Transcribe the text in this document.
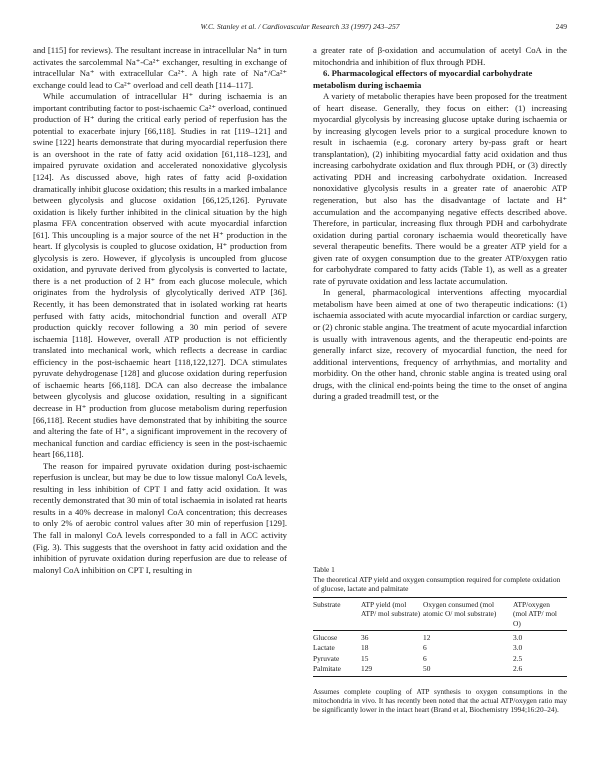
W.C. Stanley et al. / Cardiovascular Research 33 (1997) 243–257	249

and [115] for reviews). The resultant increase in intracellular Na⁺ in turn activates the sarcolemmal Na⁺-Ca²⁺ exchanger, resulting in exchange of intracellular Na⁺ with extracellular Ca²⁺. A high rate of Na⁺/Ca²⁺ exchange could lead to Ca²⁺ overload and cell death [114–117].

While accumulation of intracellular H⁺ during ischaemia is an important contributing factor to post-ischaemic Ca²⁺ overload, continued production of H⁺ during the critical early period of reperfusion has the potential to exacerbate injury [66,118]. Studies in rat [119–121] and swine [122] hearts demonstrate that during myocardial reperfusion there is an overshoot in the rate of fatty acid oxidation [61,118–123], and impaired pyruvate oxidation and accelerated nonoxidative glycolysis [124]. As discussed above, high rates of fatty acid β-oxidation dramatically inhibit glucose oxidation; this results in a marked imbalance between glycolysis and glucose oxidation [66,125,126]. Pyruvate oxidation is likely further inhibited in the clinical situation by the high plasma FFA concentration observed with acute myocardial infarction [61]. This uncoupling is a major source of the net H⁺ production in the heart. If glycolysis is coupled to glucose oxidation, H⁺ production from glycolysis is zero. However, if glycolysis is uncoupled from glucose oxidation, and pyruvate derived from glycolysis is converted to lactate, there is a net production of 2 H⁺ from each glucose molecule, which originates from the hydrolysis of glycolytically derived ATP [36]. Recently, it has been demonstrated that in isolated working rat hearts perfused with fatty acids, mitochondrial function and overall ATP production quickly recover following a 30 min period of severe ischaemia [118]. However, overall ATP production is not efficiently translated into mechanical work, which reflects a decrease in cardiac efficiency in the post-ischaemic heart [118,122,127]. DCA stimulates pyruvate dehydrogenase [128] and glucose oxidation during reperfusion of ischaemic hearts [66,118]. DCA can also decrease the imbalance between glycolysis and glucose oxidation, resulting in a significant decrease in H⁺ production from glucose metabolism during reperfusion [66,118]. Recent studies have demonstrated that by inhibiting the source and altering the fate of H⁺, a significant improvement in the recovery of mechanical function and cardiac efficiency is seen in the post-ischaemic heart [66,118].

The reason for impaired pyruvate oxidation during post-ischaemic reperfusion is unclear, but may be due to low tissue malonyl CoA levels, resulting in less inhibition of CPT I and fatty acid oxidation. It was recently demonstrated that 30 min of total ischaemia in isolated rat hearts results in a 40% decrease in malonyl CoA concentration; this decreases to only 2% of aerobic control values after 30 min of reperfusion [129]. The fall in malonyl CoA levels corresponded to a fall in ACC activity (Fig. 3). This suggests that the overshoot in fatty acid oxidation and the inhibition of pyruvate oxidation during reperfusion are due to release of malonyl CoA inhibition on CPT I, resulting in

a greater rate of β-oxidation and accumulation of acetyl CoA in the mitochondria and inhibition of flux through PDH.

6. Pharmacological effectors of myocardial carbohydrate metabolism during ischaemia

A variety of metabolic therapies have been proposed for the treatment of heart disease. Generally, they focus on either: (1) increasing myocardial glycolysis by increasing glucose uptake during ischaemia or by increasing glycogen levels prior to a surgical procedure known to result in ischaemia (e.g. coronary artery by-pass graft or heart transplantation), (2) inhibiting myocardial fatty acid oxidation and thus increasing carbohydrate oxidation and flux through PDH, or (3) directly activating PDH and increasing carbohydrate oxidation. Increased nonoxidative glycolysis results in a greater rate of anaerobic ATP regeneration, but also has the disadvantage of lactate and H⁺ accumulation and the accompanying negative effects described above. Therefore, in particular, increasing flux through PDH and carbohydrate oxidation during partial coronary ischaemia would theoretically have several therapeutic benefits. There would be a greater ATP yield for a given rate of oxygen consumption due to the greater ATP/oxygen ratio for carbohydrate compared to fatty acids (Table 1), as well as a greater rate of pyruvate oxidation and less lactate accumulation.

In general, pharmacological interventions affecting myocardial metabolism have been aimed at one of two therapeutic indications: (1) ischaemia associated with acute myocardial infarction or cardiac surgery, or (2) chronic stable angina. The treatment of acute myocardial infarction is usually with intravenous agents, and the therapeutic end-points are generally infarct size, recovery of myocardial function, the need for additional interventions, frequency of arrhythmias, and mortality and morbidity. On the other hand, chronic stable angina is treated using oral drugs, with the clinical end-points being the time to the onset of angina during a graded treadmill test, or the

Table 1

The theoretical ATP yield and oxygen consumption required for complete oxidation of glucose, lactate and palmitate

Substrate	ATP yield (mol ATP/ mol substrate)	Oxygen consumed (mol atomic O/ mol substrate)	ATP/oxygen (mol ATP/ mol O)
Glucose	36	12	3.0
Lactate	18	6	3.0
Pyruvate	15	6	2.5
Palmitate	129	50	2.6

Assumes complete coupling of ATP synthesis to oxygen consumptions in the mitochondria in vivo. It has recently been noted that the actual ATP/oxygen ratio may be significantly lower in the intact heart (Brand et al, Biochemistry 1994;16:20–24).
